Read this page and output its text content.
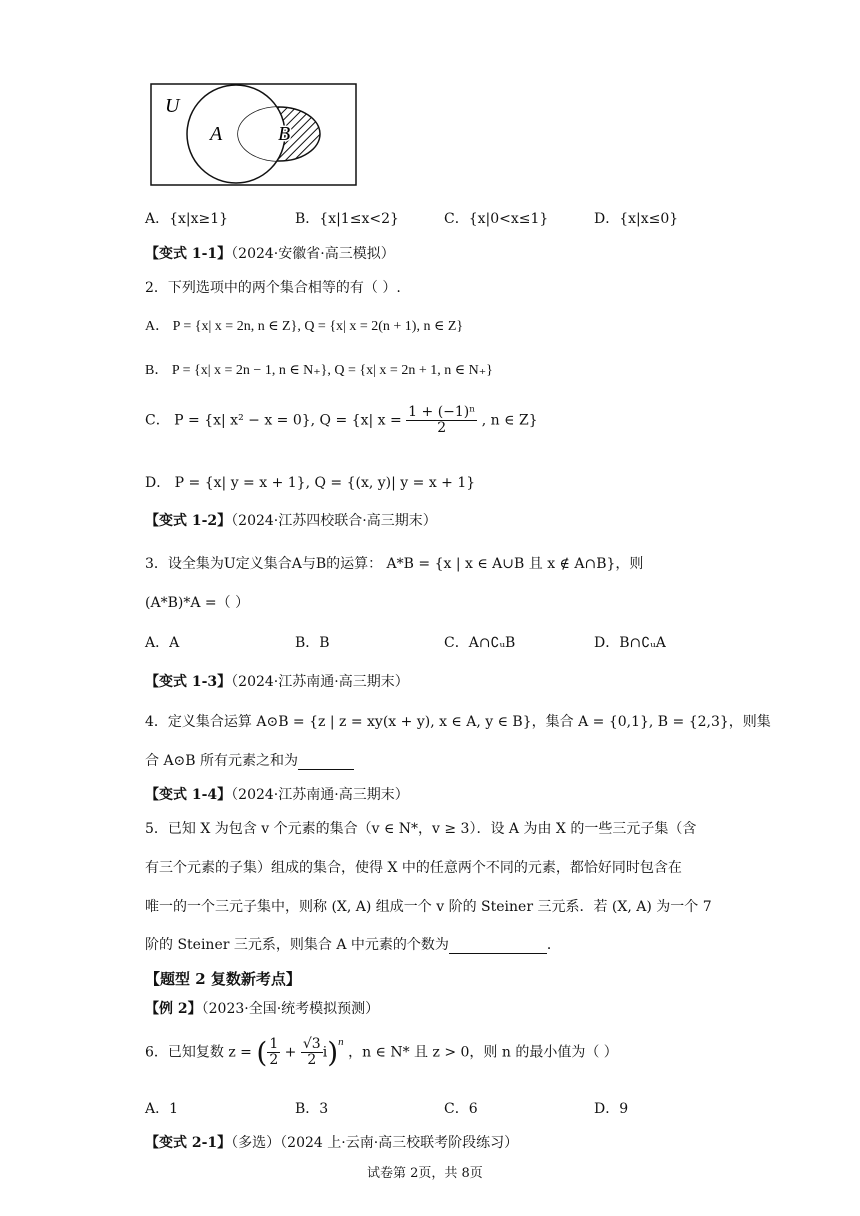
U
A	B
A．{x|x≥1}	B．{x|1≤x<2}	C．{x|0<x≤1}	D．{x|x≤0}
【变式 1-1】（2024·安徽省·高三模拟）
2．下列选项中的两个集合相等的有（ ）.
A． P = {x| x = 2n, n ∈ Z}, Q = {x| x = 2(n + 1), n ∈ Z}
B． P = {x| x = 2n − 1, n ∈ N₊}, Q = {x| x = 2n + 1, n ∈ N₊}
C． P = {x| x² − x = 0}, Q = {x| $x = \frac{\text{1 + (−1)ⁿ}}{2}$ , n ∈ Z}
D． P = {x| y = x + 1}, Q = {(x, y)| y = x + 1}
【变式 1-2】（2024·江苏四校联合·高三期末）
3．设全集为U定义集合A与B的运算： A*B = {x | x ∈ A∪B 且 x ∉ A∩B}，则
(A*B)*A =（ ）
A．A	B．B	C．A∩∁ᵤB	D．B∩∁ᵤA
【变式 1-3】（2024·江苏南通·高三期末）
4．定义集合运算 A⊙B = {z | z = xy(x + y), x ∈ A, y ∈ B}，集合 A = {0,1}, B = {2,3}，则集
合 A⊙B 所有元素之和为
【变式 1-4】（2024·江苏南通·高三期末）
5．已知 X 为包含 v 个元素的集合（v ∈ N*，v ≥ 3）．设 A 为由 X 的一些三元子集（含
有三个元素的子集）组成的集合，使得 X 中的任意两个不同的元素，都恰好同时包含在
唯一的一个三元子集中，则称 (X, A) 组成一个 v 阶的 Steiner 三元系．若 (X, A) 为一个 7
阶的 Steiner 三元系，则集合 A 中元素的个数为	．
【题型 2 复数新考点】
【例 2】（2023·全国·统考模拟预测）
6．已知复数 z = ( $\frac{1}{2} + \frac{√3}{2} i)^n$ ，n ∈ N* 且 z > 0，则 n 的最小值为（ ）
A．1	B．3	C．6	D．9
【变式 2-1】（多选）（2024 上·云南·高三校联考阶段练习）
试卷第 2页，共 8页
